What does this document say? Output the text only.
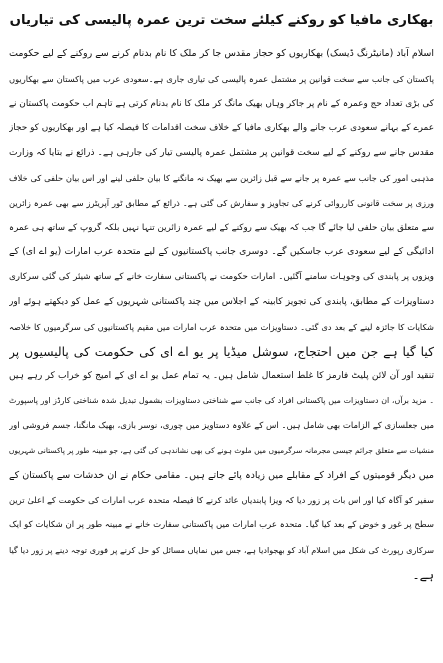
بھکاری مافیا کو روکنے کیلئے سخت ترین عمرہ پالیسی کی تیاریاں
اسلام آباد (مانیٹرنگ ڈیسک) بھکاریوں کو حجاز مقدس جا کر ملک کا نام بدنام کرنے سے روکنے کے لیے حکومت
پاکستان کی جانب سے سخت قوانین پر مشتمل عمرہ پالیسی کی تیاری جاری ہے۔سعودی عرب میں پاکستان سے بھکاریوں
کی بڑی تعداد حج وعمرہ کے نام پر جاکر وہاں بھیک مانگ کر ملک کا نام بدنام کرتی ہے تاہم اب حکومت پاکستان نے
عمرے کے بہانے سعودی عرب جانے والے بھکاری مافیا کے خلاف سخت اقدامات کا فیصلہ کیا ہے اور بھکاریوں کو حجاز
مقدس جانے سے روکنے کے لیے سخت قوانین پر مشتمل عمرہ پالیسی تیار کی جارہی ہے۔ ذرائع نے بتایا کہ وزارت
مذہبی امور کی جانب سے عمرہ پر جانے سے قبل زائرین سے بھیک نہ مانگنے کا بیان حلفی لینے اور اس بیان حلفی کی خلاف
ورزی پر سخت قانونی کارروائی کرنے کی تجاویز و سفارش کی گئی ہے۔ ذرائع کے مطابق ٹور آپریٹرز سے بھی عمرہ زائرین
سے متعلق بیان حلفی لیا جائے گا جب کہ بھیک سے روکنے کے لیے عمرہ زائرین تنہا نہیں بلکہ گروپ کے ساتھ ہی عمرہ
ادائیگی کے لیے سعودی عرب جاسکیں گے۔ دوسری جانب پاکستانیوں کے لیے متحدہ عرب امارات (یو اے ای) کے
ویزوں پر پابندی کی وجوہات سامنے آگئیں۔ امارات حکومت نے پاکستانی سفارت خانے کے ساتھ شیئر کی گئی سرکاری
دستاویزات کے مطابق، پابندی کی تجویز کابینہ کے اجلاس میں چند پاکستانی شہریوں کے عمل کو دیکھتے ہوئے اور
شکایات کا جائزہ لینے کے بعد دی گئی۔ دستاویزات میں متحدہ عرب امارات میں مقیم پاکستانیوں کی سرگرمیوں کا خلاصہ
کیا گیا ہے جن میں احتجاج، سوشل میڈیا پر یو اے ای کی حکومت کی پالیسیوں پر
تنقید اور آن لائن پلیٹ فارمز کا غلط استعمال شامل ہیں۔ یہ تمام عمل یو اے ای کے امیج کو خراب کر رہے ہیں
۔ مزید برآں، ان دستاویزات میں پاکستانی افراد کی جانب سے شناختی دستاویزات بشمول تبدیل شدہ شناختی کارڈز اور پاسپورٹ
میں جعلسازی کے الزامات بھی شامل ہیں۔ اس کے علاوہ دستاویز میں چوری، نوسر بازی، بھیک مانگنا، جسم فروشی اور
منشیات سے متعلق جرائم جیسی مجرمانہ سرگرمیوں میں ملوث ہونے کی بھی نشاندہی کی گئی ہے، جو مبینہ طور پر پاکستانی شہریوں
میں دیگر قومیتوں کے افراد کے مقابلے میں زیادہ پائے جاتے ہیں۔ مقامی حکام نے ان خدشات سے پاکستان کے
سفیر کو آگاہ کیا اور اس بات پر زور دیا کہ ویزا پابندیاں عائد کرنے کا فیصلہ متحدہ عرب امارات کی حکومت کے اعلیٰ ترین
سطح پر غور و خوض کے بعد کیا گیا۔ متحدہ عرب امارات میں پاکستانی سفارت خانے نے مبینہ طور پر ان شکایات کو ایک
سرکاری رپورٹ کی شکل میں اسلام آباد کو بھجوادیا ہے، جس میں نمایاں مسائل کو حل کرنے پر فوری توجہ دینے پر زور دیا گیا
ہے۔
